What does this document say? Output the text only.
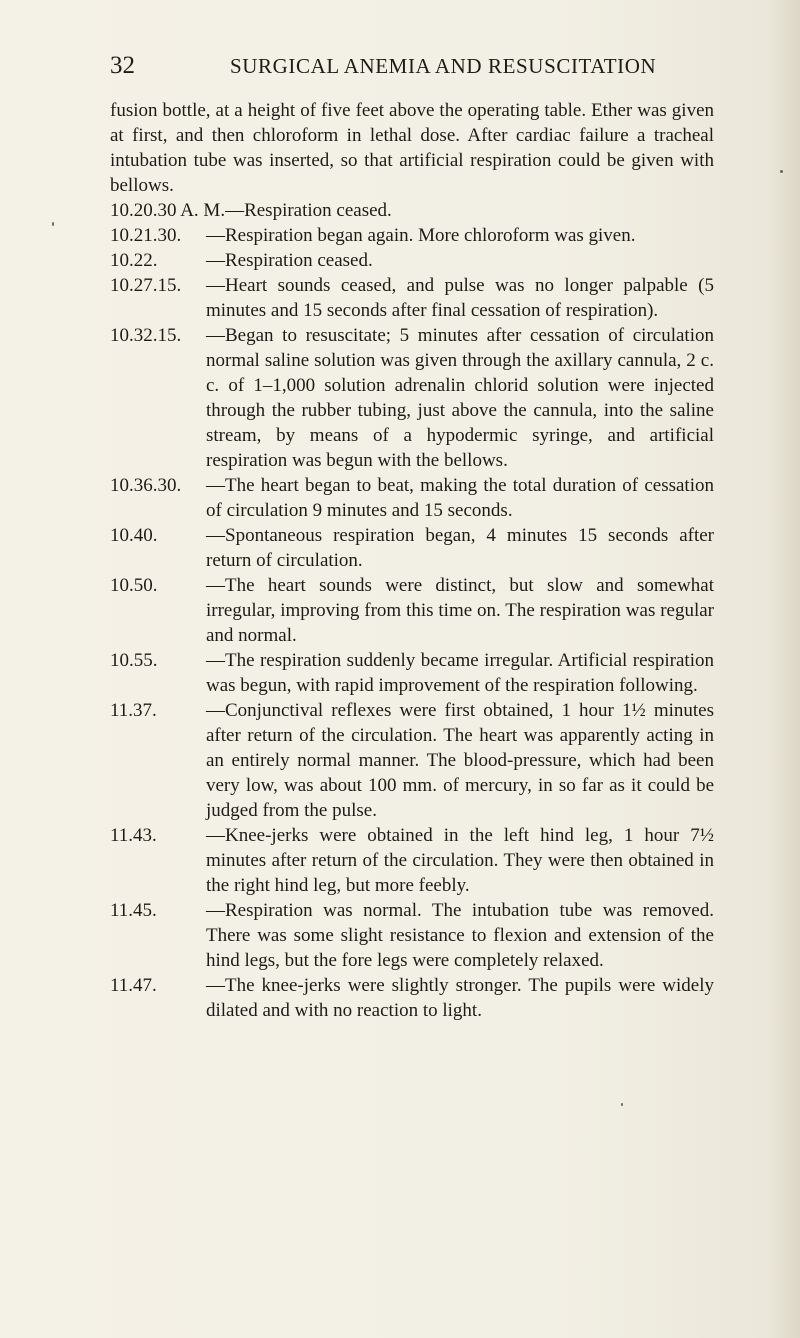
32	SURGICAL ANEMIA AND RESUSCITATION

fusion bottle, at a height of five feet above the operating table. Ether was given at first, and then chloroform in lethal dose. After cardiac failure a tracheal intubation tube was inserted, so that artificial respiration could be given with bellows.

10.20.30 A. M.—Respiration ceased.

10.21.30. —Respiration began again. More chloroform was given.

10.22.	—Respiration ceased.

10.27.15. —Heart sounds ceased, and pulse was no longer palpable (5 minutes and 15 seconds after final cessation of respiration).

10.32.15. —Began to resuscitate; 5 minutes after cessation of circulation normal saline solution was given through the axillary cannula, 2 c. c. of 1–1,000 solution adrenalin chlorid solution were injected through the rubber tubing, just above the cannula, into the saline stream, by means of a hypodermic syringe, and artificial respiration was begun with the bellows.

10.36.30. —The heart began to beat, making the total duration of cessation of circulation 9 minutes and 15 seconds.

10.40.	—Spontaneous respiration began, 4 minutes 15 seconds after return of circulation.

10.50.	—The heart sounds were distinct, but slow and somewhat irregular, improving from this time on. The respiration was regular and normal.

10.55.	—The respiration suddenly became irregular. Artificial respiration was begun, with rapid improvement of the respiration following.

11.37.	—Conjunctival reflexes were first obtained, 1 hour 1½ minutes after return of the circulation. The heart was apparently acting in an entirely normal manner. The blood-pressure, which had been very low, was about 100 mm. of mercury, in so far as it could be judged from the pulse.

11.43.	—Knee-jerks were obtained in the left hind leg, 1 hour 7½ minutes after return of the circulation. They were then obtained in the right hind leg, but more feebly.

11.45.	—Respiration was normal. The intubation tube was removed. There was some slight resistance to flexion and extension of the hind legs, but the fore legs were completely relaxed.

11.47.	—The knee-jerks were slightly stronger. The pupils were widely dilated and with no reaction to light.
